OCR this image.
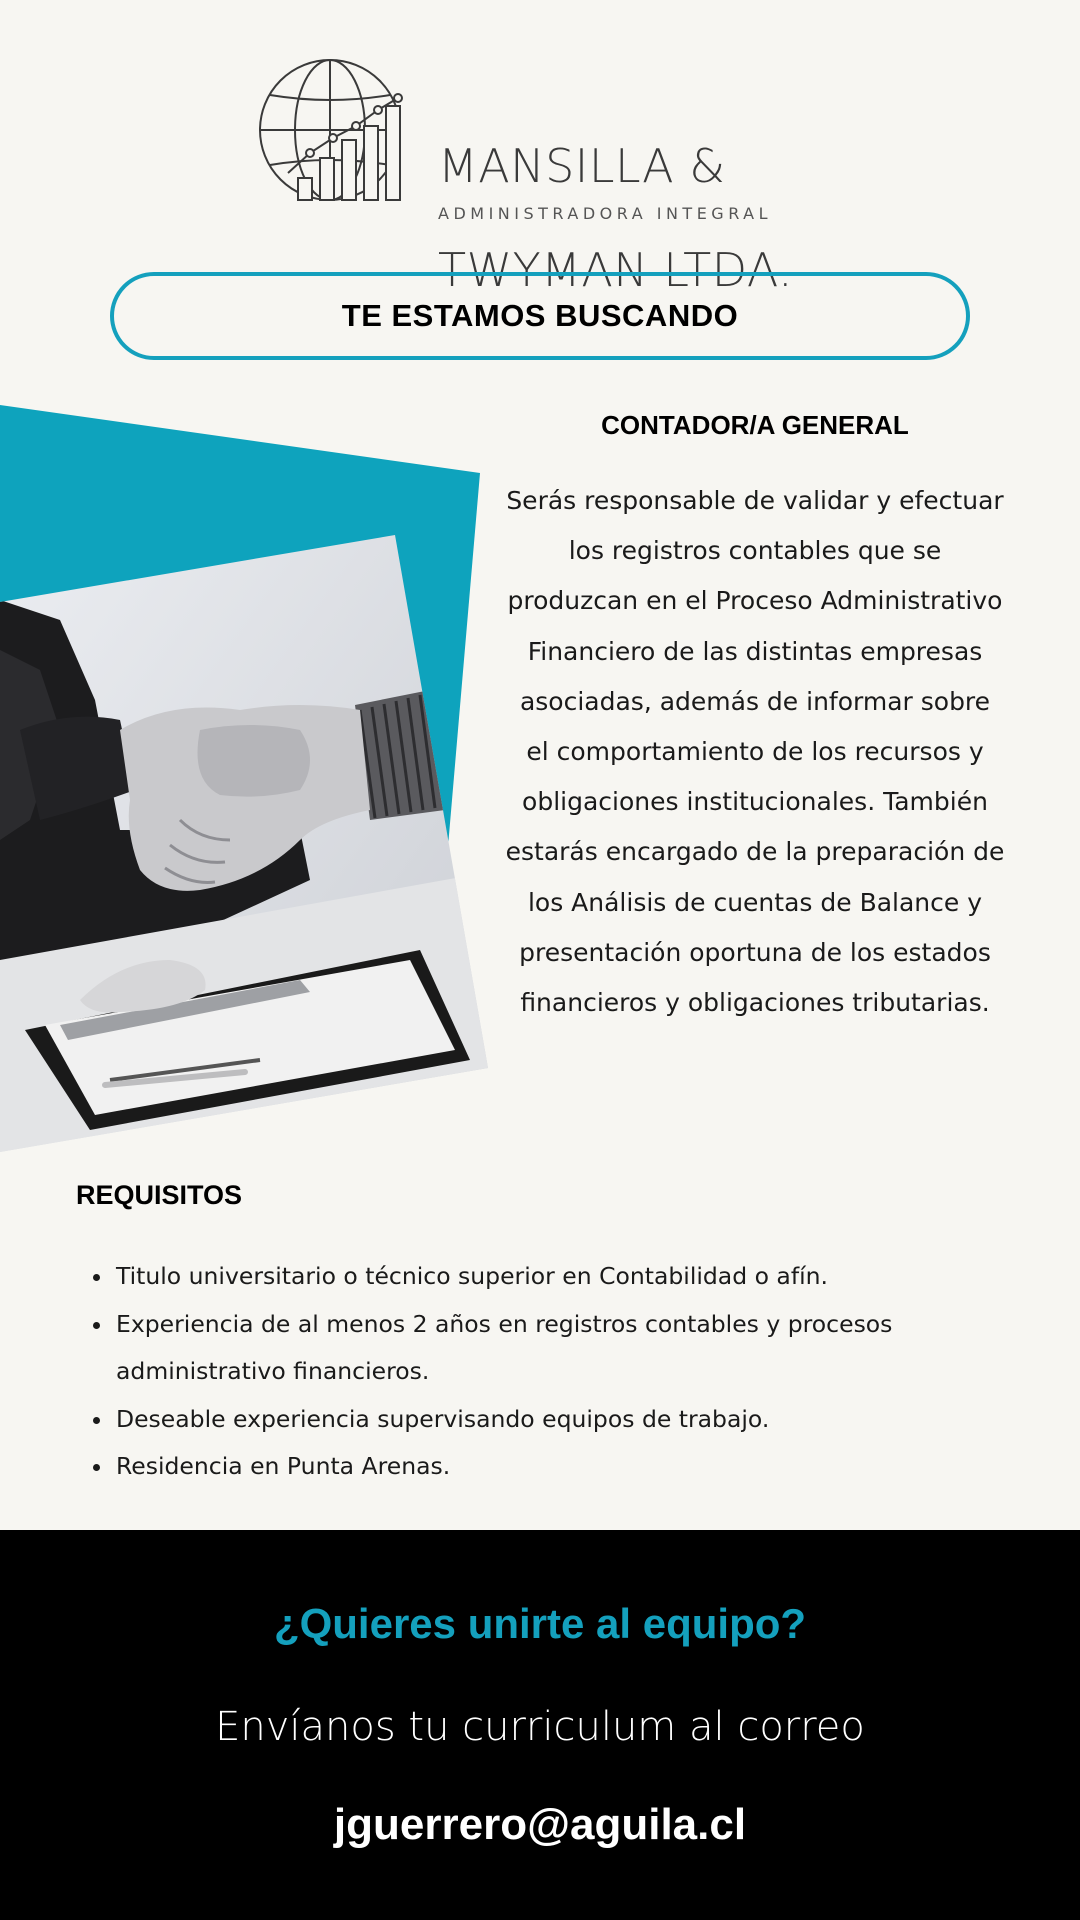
MANSILLA &

TWYMAN LTDA.

ADMINISTRADORA INTEGRAL
TE ESTAMOS BUSCANDO
CONTADOR/A GENERAL
Serás responsable de validar y efectuar los registros contables que se produzcan en el Proceso Administrativo Financiero de las distintas empresas asociadas, además de informar sobre el comportamiento de los recursos y obligaciones institucionales. También estarás encargado de la preparación de los Análisis de cuentas de Balance y presentación oportuna de los estados financieros y obligaciones tributarias.
REQUISITOS
• Titulo universitario o técnico superior en Contabilidad o afín.
• Experiencia de al menos 2 años en registros contables y procesos administrativo financieros.
• Deseable experiencia supervisando equipos de trabajo.
• Residencia en Punta Arenas.
¿Quieres unirte al equipo?
Envíanos tu curriculum al correo
jguerrero@aguila.cl
